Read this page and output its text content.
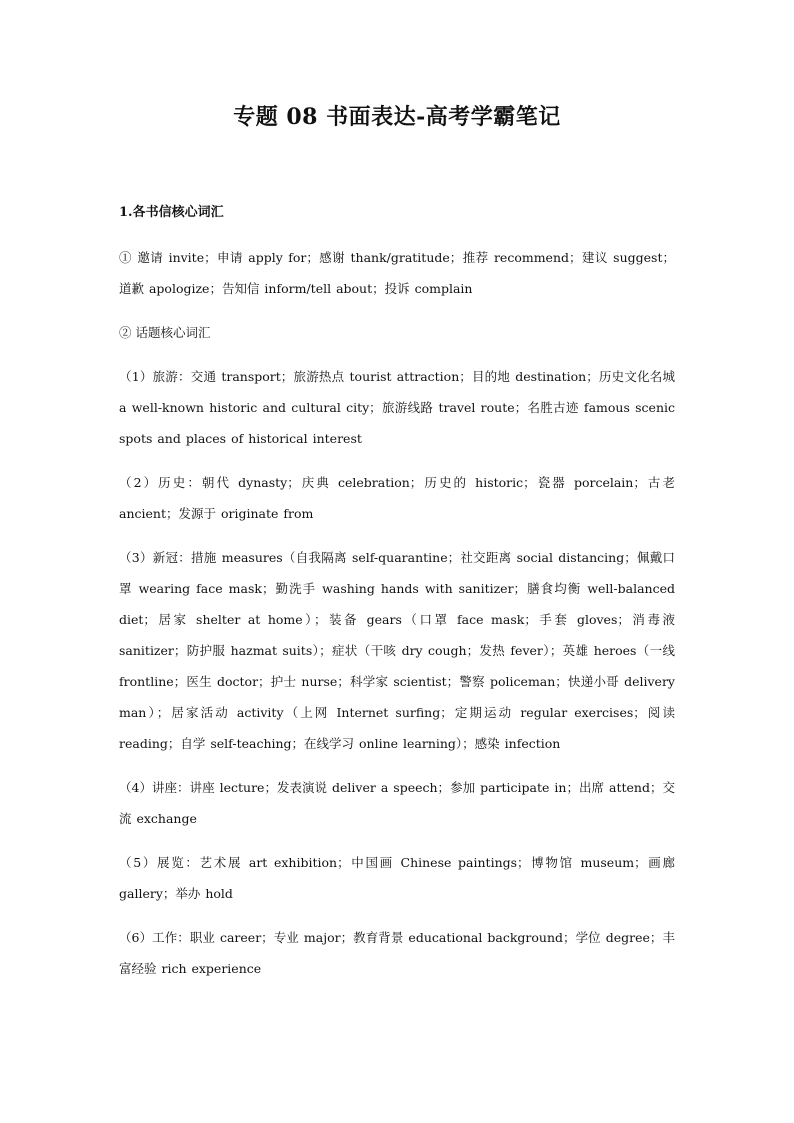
专题 08 书面表达-高考学霸笔记
1.各书信核心词汇

① 邀请 invite；申请 apply for；感谢 thank/gratitude；推荐 recommend；建议 suggest；道歉 apologize；告知信 inform/tell about；投诉 complain

② 话题核心词汇

（1）旅游：交通 transport；旅游热点 tourist attraction；目的地 destination；历史文化名城 a well-known historic and cultural city；旅游线路 travel route；名胜古迹 famous scenic spots and places of historical interest

（2）历史：朝代 dynasty；庆典 celebration；历史的 historic；瓷器 porcelain；古老 ancient；发源于 originate from

（3）新冠：措施 measures（自我隔离 self-quarantine；社交距离 social distancing；佩戴口罩 wearing face mask；勤洗手 washing hands with sanitizer；膳食均衡 well-balanced diet；居家 shelter at home）；装备 gears（口罩 face mask；手套 gloves；消毒液 sanitizer；防护服 hazmat suits）；症状（干咳 dry cough；发热 fever）；英雄 heroes（一线 frontline；医生 doctor；护士 nurse；科学家 scientist；警察 policeman；快递小哥 delivery man）；居家活动 activity（上网 Internet surfing；定期运动 regular exercises；阅读 reading；自学 self-teaching；在线学习 online learning）；感染 infection

（4）讲座：讲座 lecture；发表演说 deliver a speech；参加 participate in；出席 attend；交流 exchange

（5）展览：艺术展 art exhibition；中国画 Chinese paintings；博物馆 museum；画廊 gallery；举办 hold

（6）工作：职业 career；专业 major；教育背景 educational background；学位 degree；丰富经验 rich experience
